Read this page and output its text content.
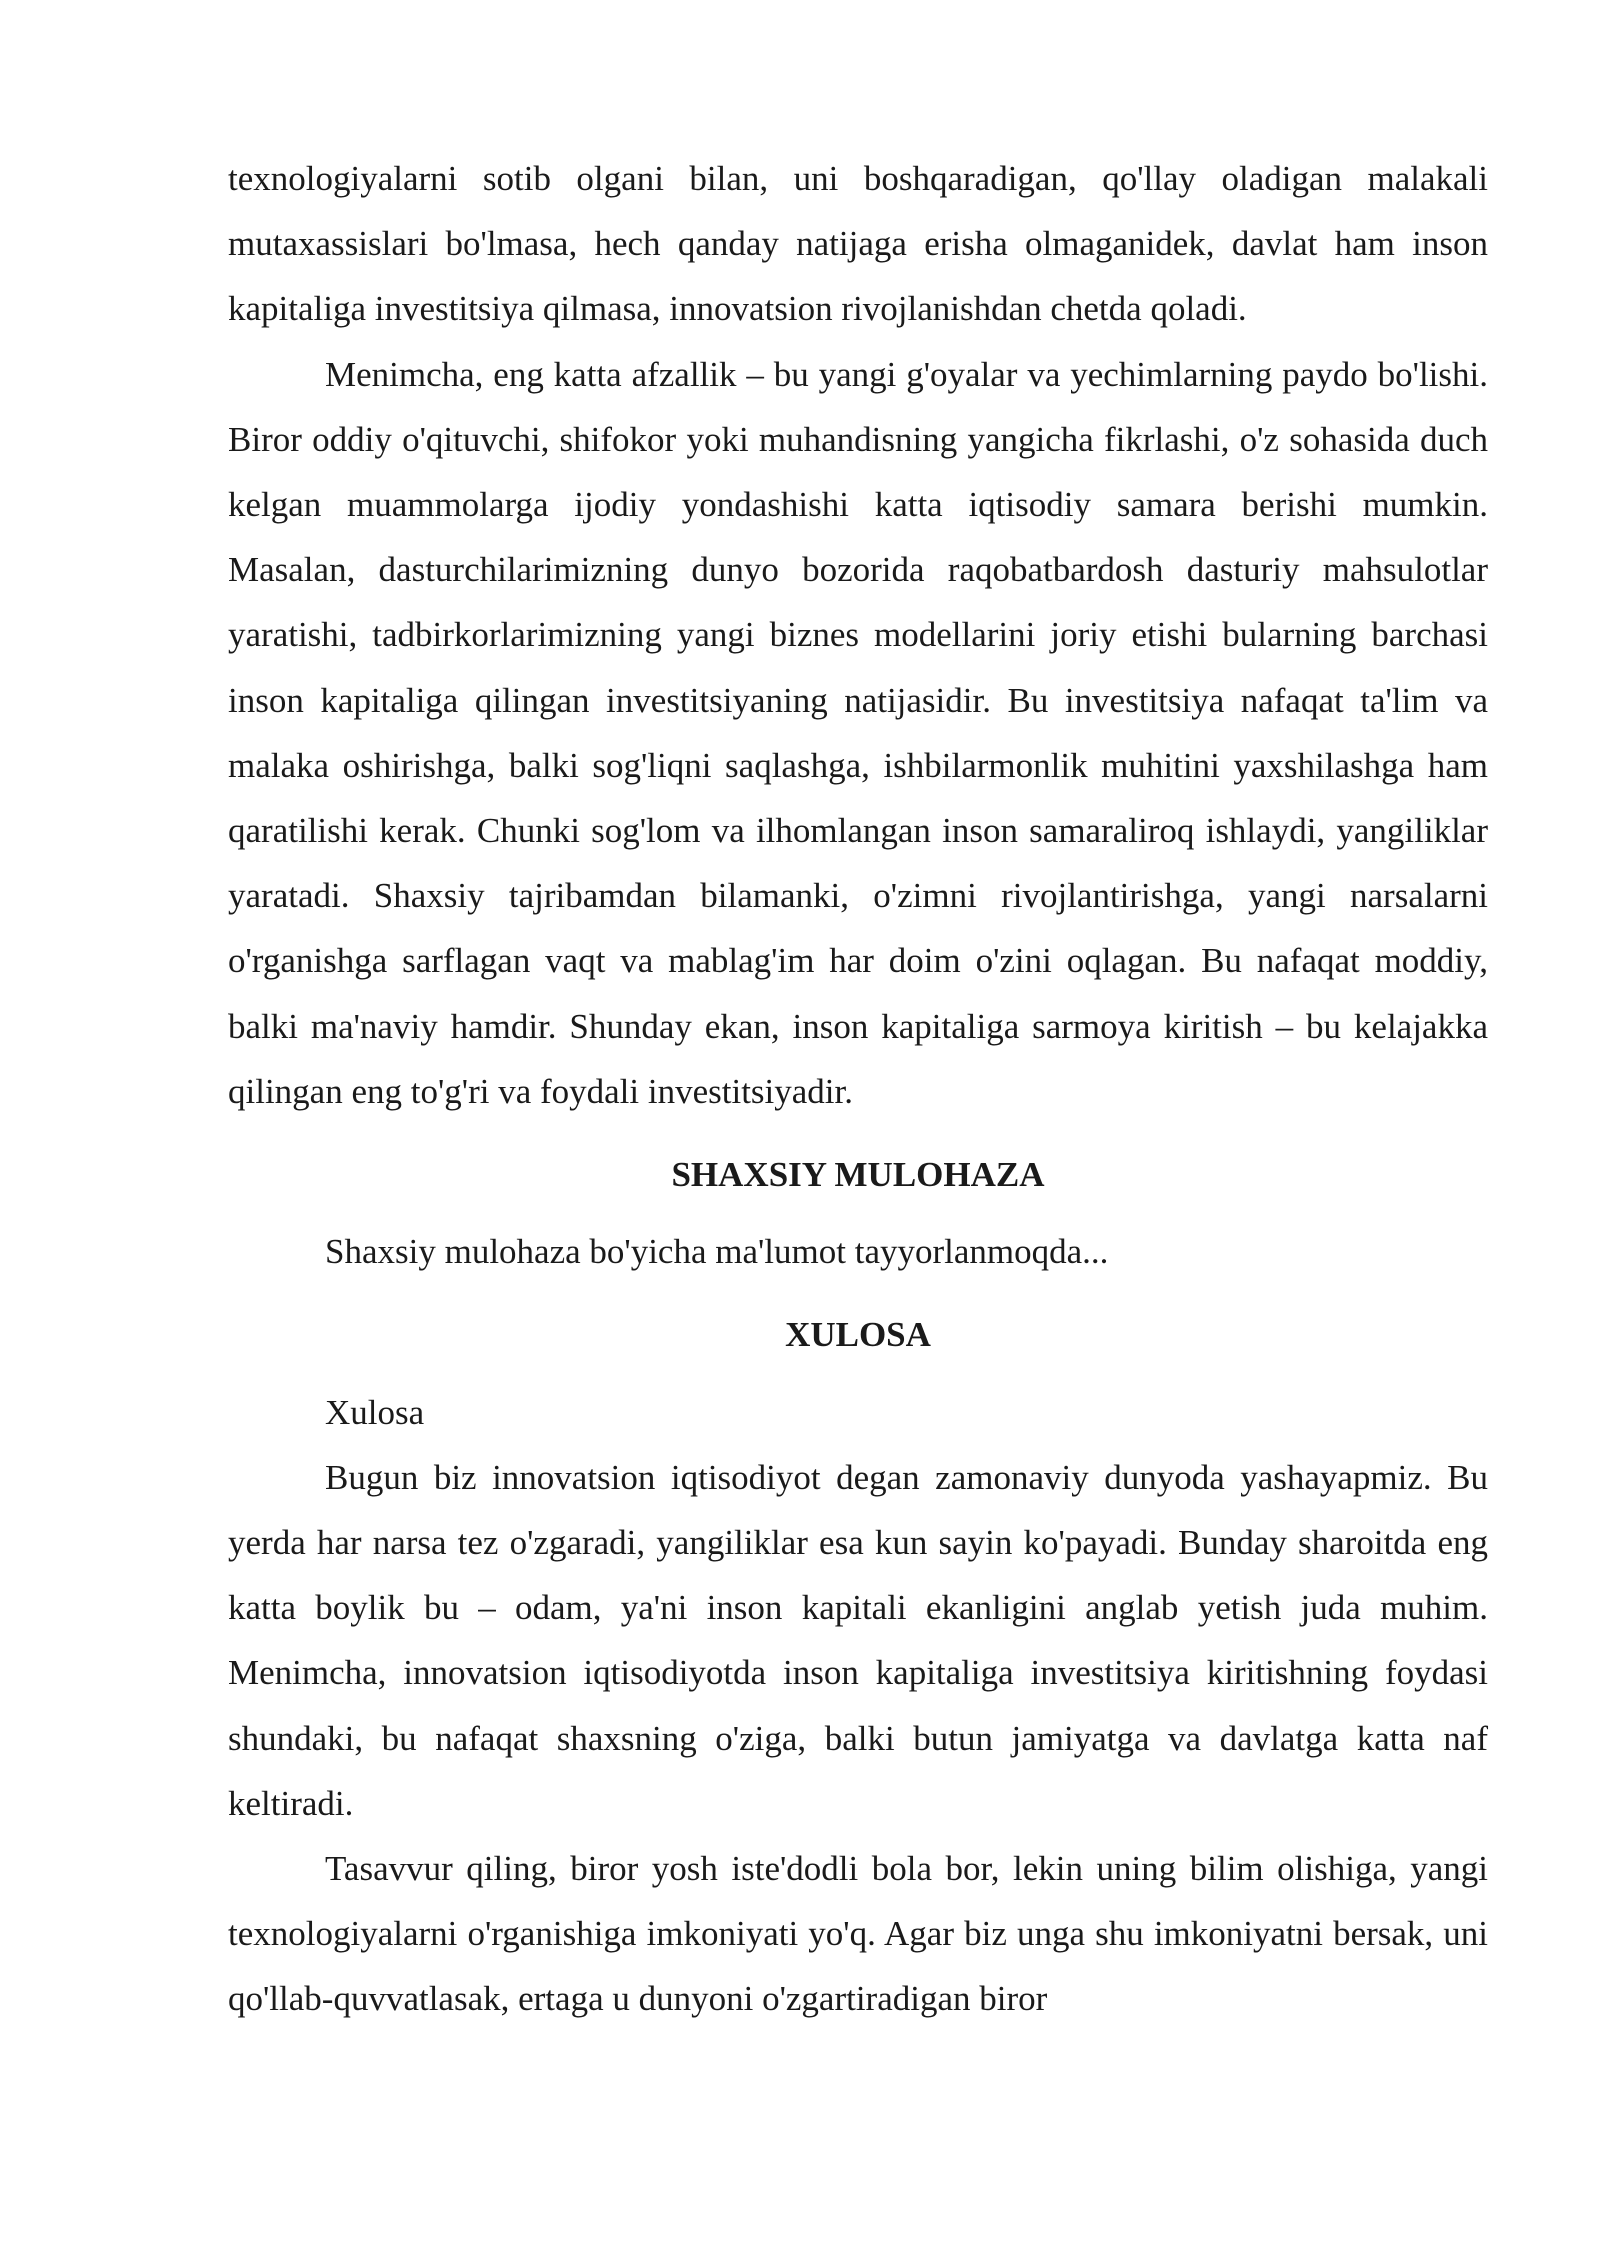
texnologiyalarni sotib olgani bilan, uni boshqaradigan, qo'llay oladigan malakali mutaxassislari bo'lmasa, hech qanday natijaga erisha olmaganidek, davlat ham inson kapitaliga investitsiya qilmasa, innovatsion rivojlanishdan chetda qoladi.

Menimcha, eng katta afzallik – bu yangi g'oyalar va yechimlarning paydo bo'lishi. Biror oddiy o'qituvchi, shifokor yoki muhandisning yangicha fikrlashi, o'z sohasida duch kelgan muammolarga ijodiy yondashishi katta iqtisodiy samara berishi mumkin. Masalan, dasturchilarimizning dunyo bozorida raqobatbardosh dasturiy mahsulotlar yaratishi, tadbirkorlarimizning yangi biznes modellarini joriy etishi bularning barchasi inson kapitaliga qilingan investitsiyaning natijasidir. Bu investitsiya nafaqat ta'lim va malaka oshirishga, balki sog'liqni saqlashga, ishbilarmonlik muhitini yaxshilashga ham qaratilishi kerak. Chunki sog'lom va ilhomlangan inson samaraliroq ishlaydi, yangiliklar yaratadi. Shaxsiy tajribamdan bilamanki, o'zimni rivojlantirishga, yangi narsalarni o'rganishga sarflagan vaqt va mablag'im har doim o'zini oqlagan. Bu nafaqat moddiy, balki ma'naviy hamdir. Shunday ekan, inson kapitaliga sarmoya kiritish – bu kelajakka qilingan eng to'g'ri va foydali investitsiyadir.

SHAXSIY MULOHAZA

Shaxsiy mulohaza bo'yicha ma'lumot tayyorlanmoqda...

XULOSA

Xulosa

Bugun biz innovatsion iqtisodiyot degan zamonaviy dunyoda yashayapmiz. Bu yerda har narsa tez o'zgaradi, yangiliklar esa kun sayin ko'payadi. Bunday sharoitda eng katta boylik bu – odam, ya'ni inson kapitali ekanligini anglab yetish juda muhim. Menimcha, innovatsion iqtisodiyotda inson kapitaliga investitsiya kiritishning foydasi shundaki, bu nafaqat shaxsning o'ziga, balki butun jamiyatga va davlatga katta naf keltiradi.

Tasavvur qiling, biror yosh iste'dodli bola bor, lekin uning bilim olishiga, yangi texnologiyalarni o'rganishiga imkoniyati yo'q. Agar biz unga shu imkoniyatni bersak, uni qo'llab-quvvatlasak, ertaga u dunyoni o'zgartiradigan biror
